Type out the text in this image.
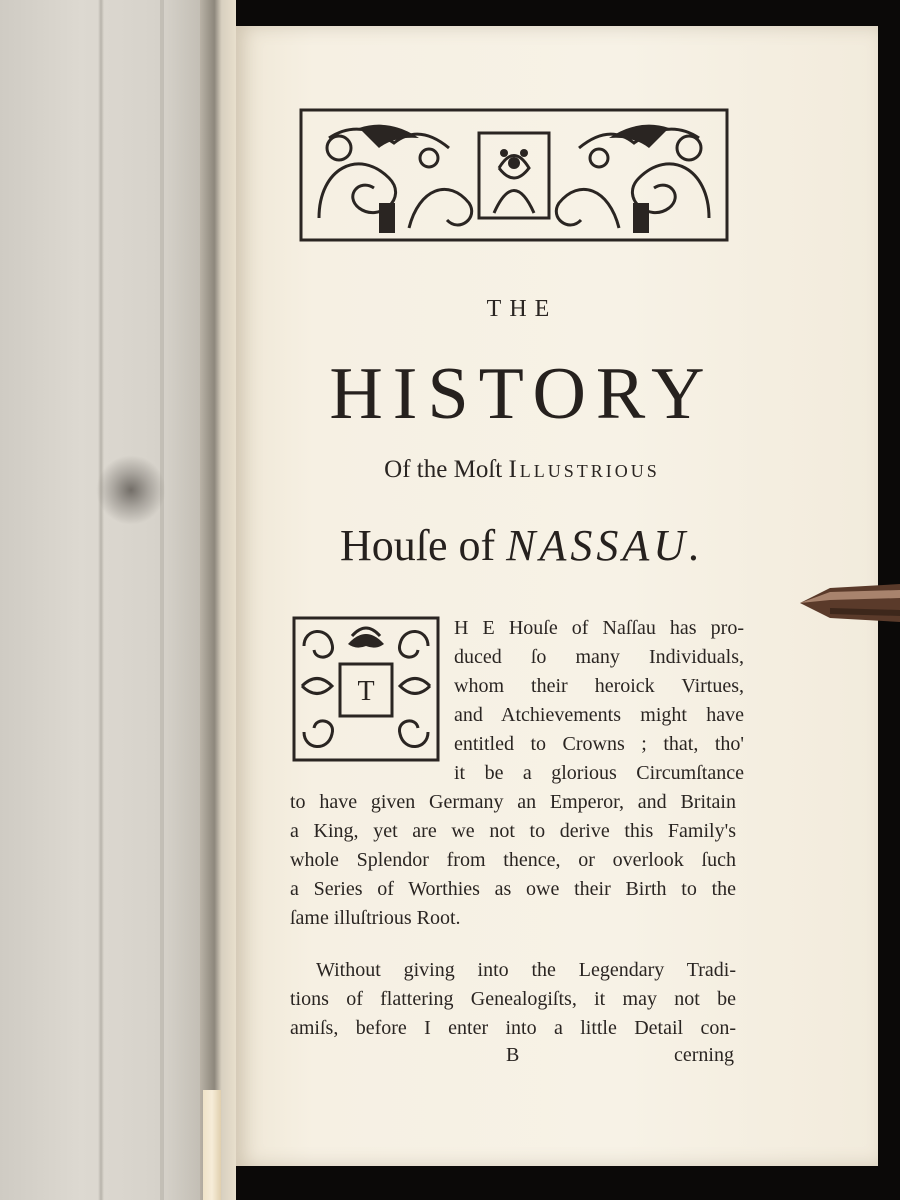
THE
HISTORY
Of the Moſt Illustrious
Houſe of NASSAU.
T
H E Houſe of Naſſau has pro-
duced ſo many Individuals,
whom their heroick Virtues,
and Atchievements might have
entitled to Crowns ; that, tho'
it be a glorious Circumſtance
to have given Germany an Emperor, and Britain
a King, yet are we not to derive this Family's
whole Splendor from thence, or overlook ſuch
a Series of Worthies as owe their Birth to the
ſame illuſtrious Root.
Without giving into the Legendary Tradi-
tions of flattering Genealogiſts, it may not be
amiſs, before I enter into a little Detail con-
B	cerning
